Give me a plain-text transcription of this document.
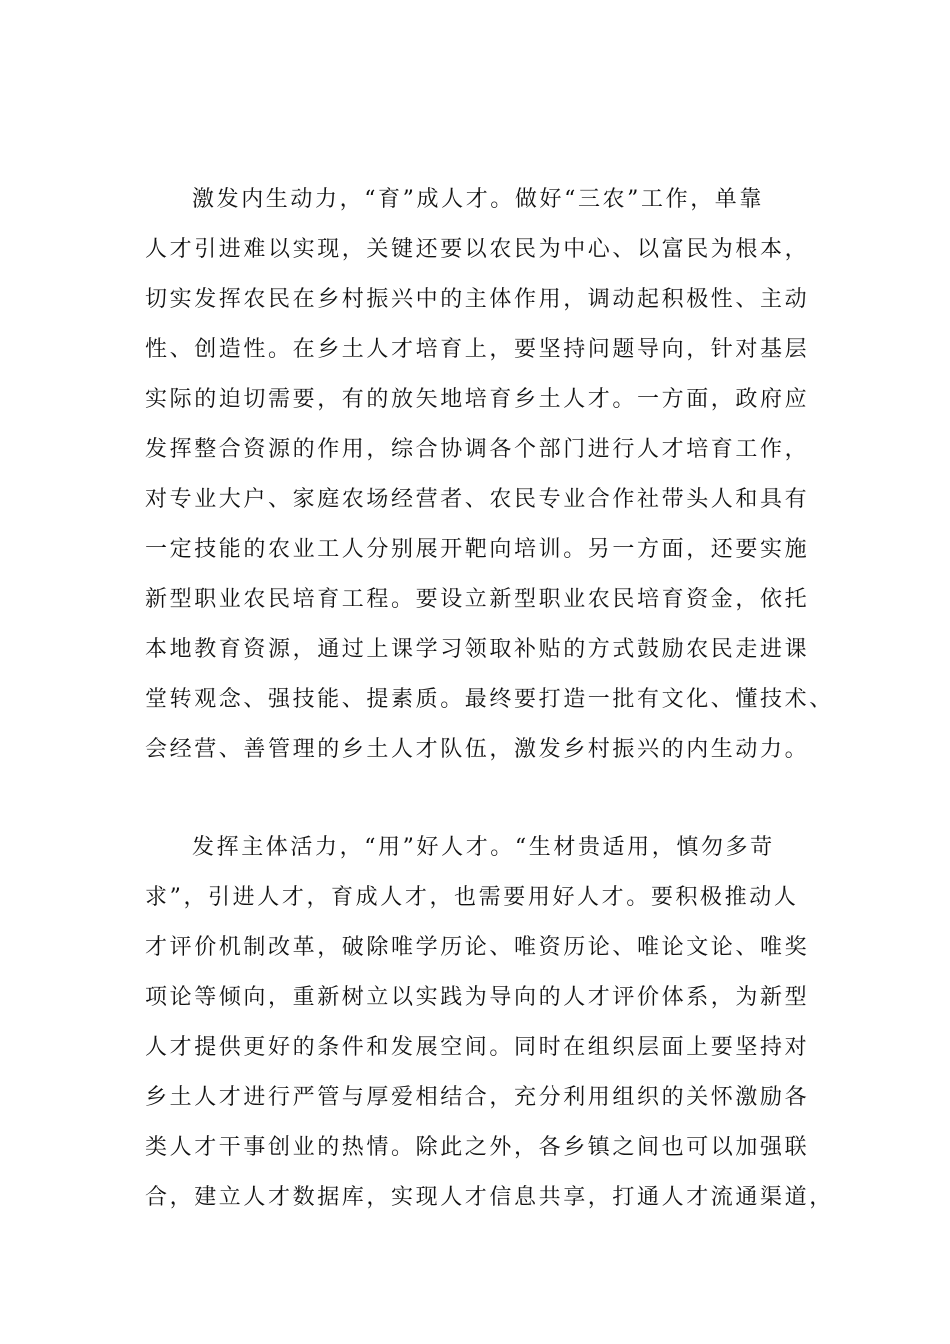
激发内生动力，“育”成人才。做好“三农”工作，单靠
人才引进难以实现，关键还要以农民为中心、以富民为根本，
切实发挥农民在乡村振兴中的主体作用，调动起积极性、主动
性、创造性。在乡土人才培育上，要坚持问题导向，针对基层
实际的迫切需要，有的放矢地培育乡土人才。一方面，政府应
发挥整合资源的作用，综合协调各个部门进行人才培育工作，
对专业大户、家庭农场经营者、农民专业合作社带头人和具有
一定技能的农业工人分别展开靶向培训。另一方面，还要实施
新型职业农民培育工程。要设立新型职业农民培育资金，依托
本地教育资源，通过上课学习领取补贴的方式鼓励农民走进课
堂转观念、强技能、提素质。最终要打造一批有文化、懂技术、
会经营、善管理的乡土人才队伍，激发乡村振兴的内生动力。
发挥主体活力，“用”好人才。“生材贵适用，慎勿多苛
求”，引进人才，育成人才，也需要用好人才。要积极推动人
才评价机制改革，破除唯学历论、唯资历论、唯论文论、唯奖
项论等倾向，重新树立以实践为导向的人才评价体系，为新型
人才提供更好的条件和发展空间。同时在组织层面上要坚持对
乡土人才进行严管与厚爱相结合，充分利用组织的关怀激励各
类人才干事创业的热情。除此之外，各乡镇之间也可以加强联
合，建立人才数据库，实现人才信息共享，打通人才流通渠道，
